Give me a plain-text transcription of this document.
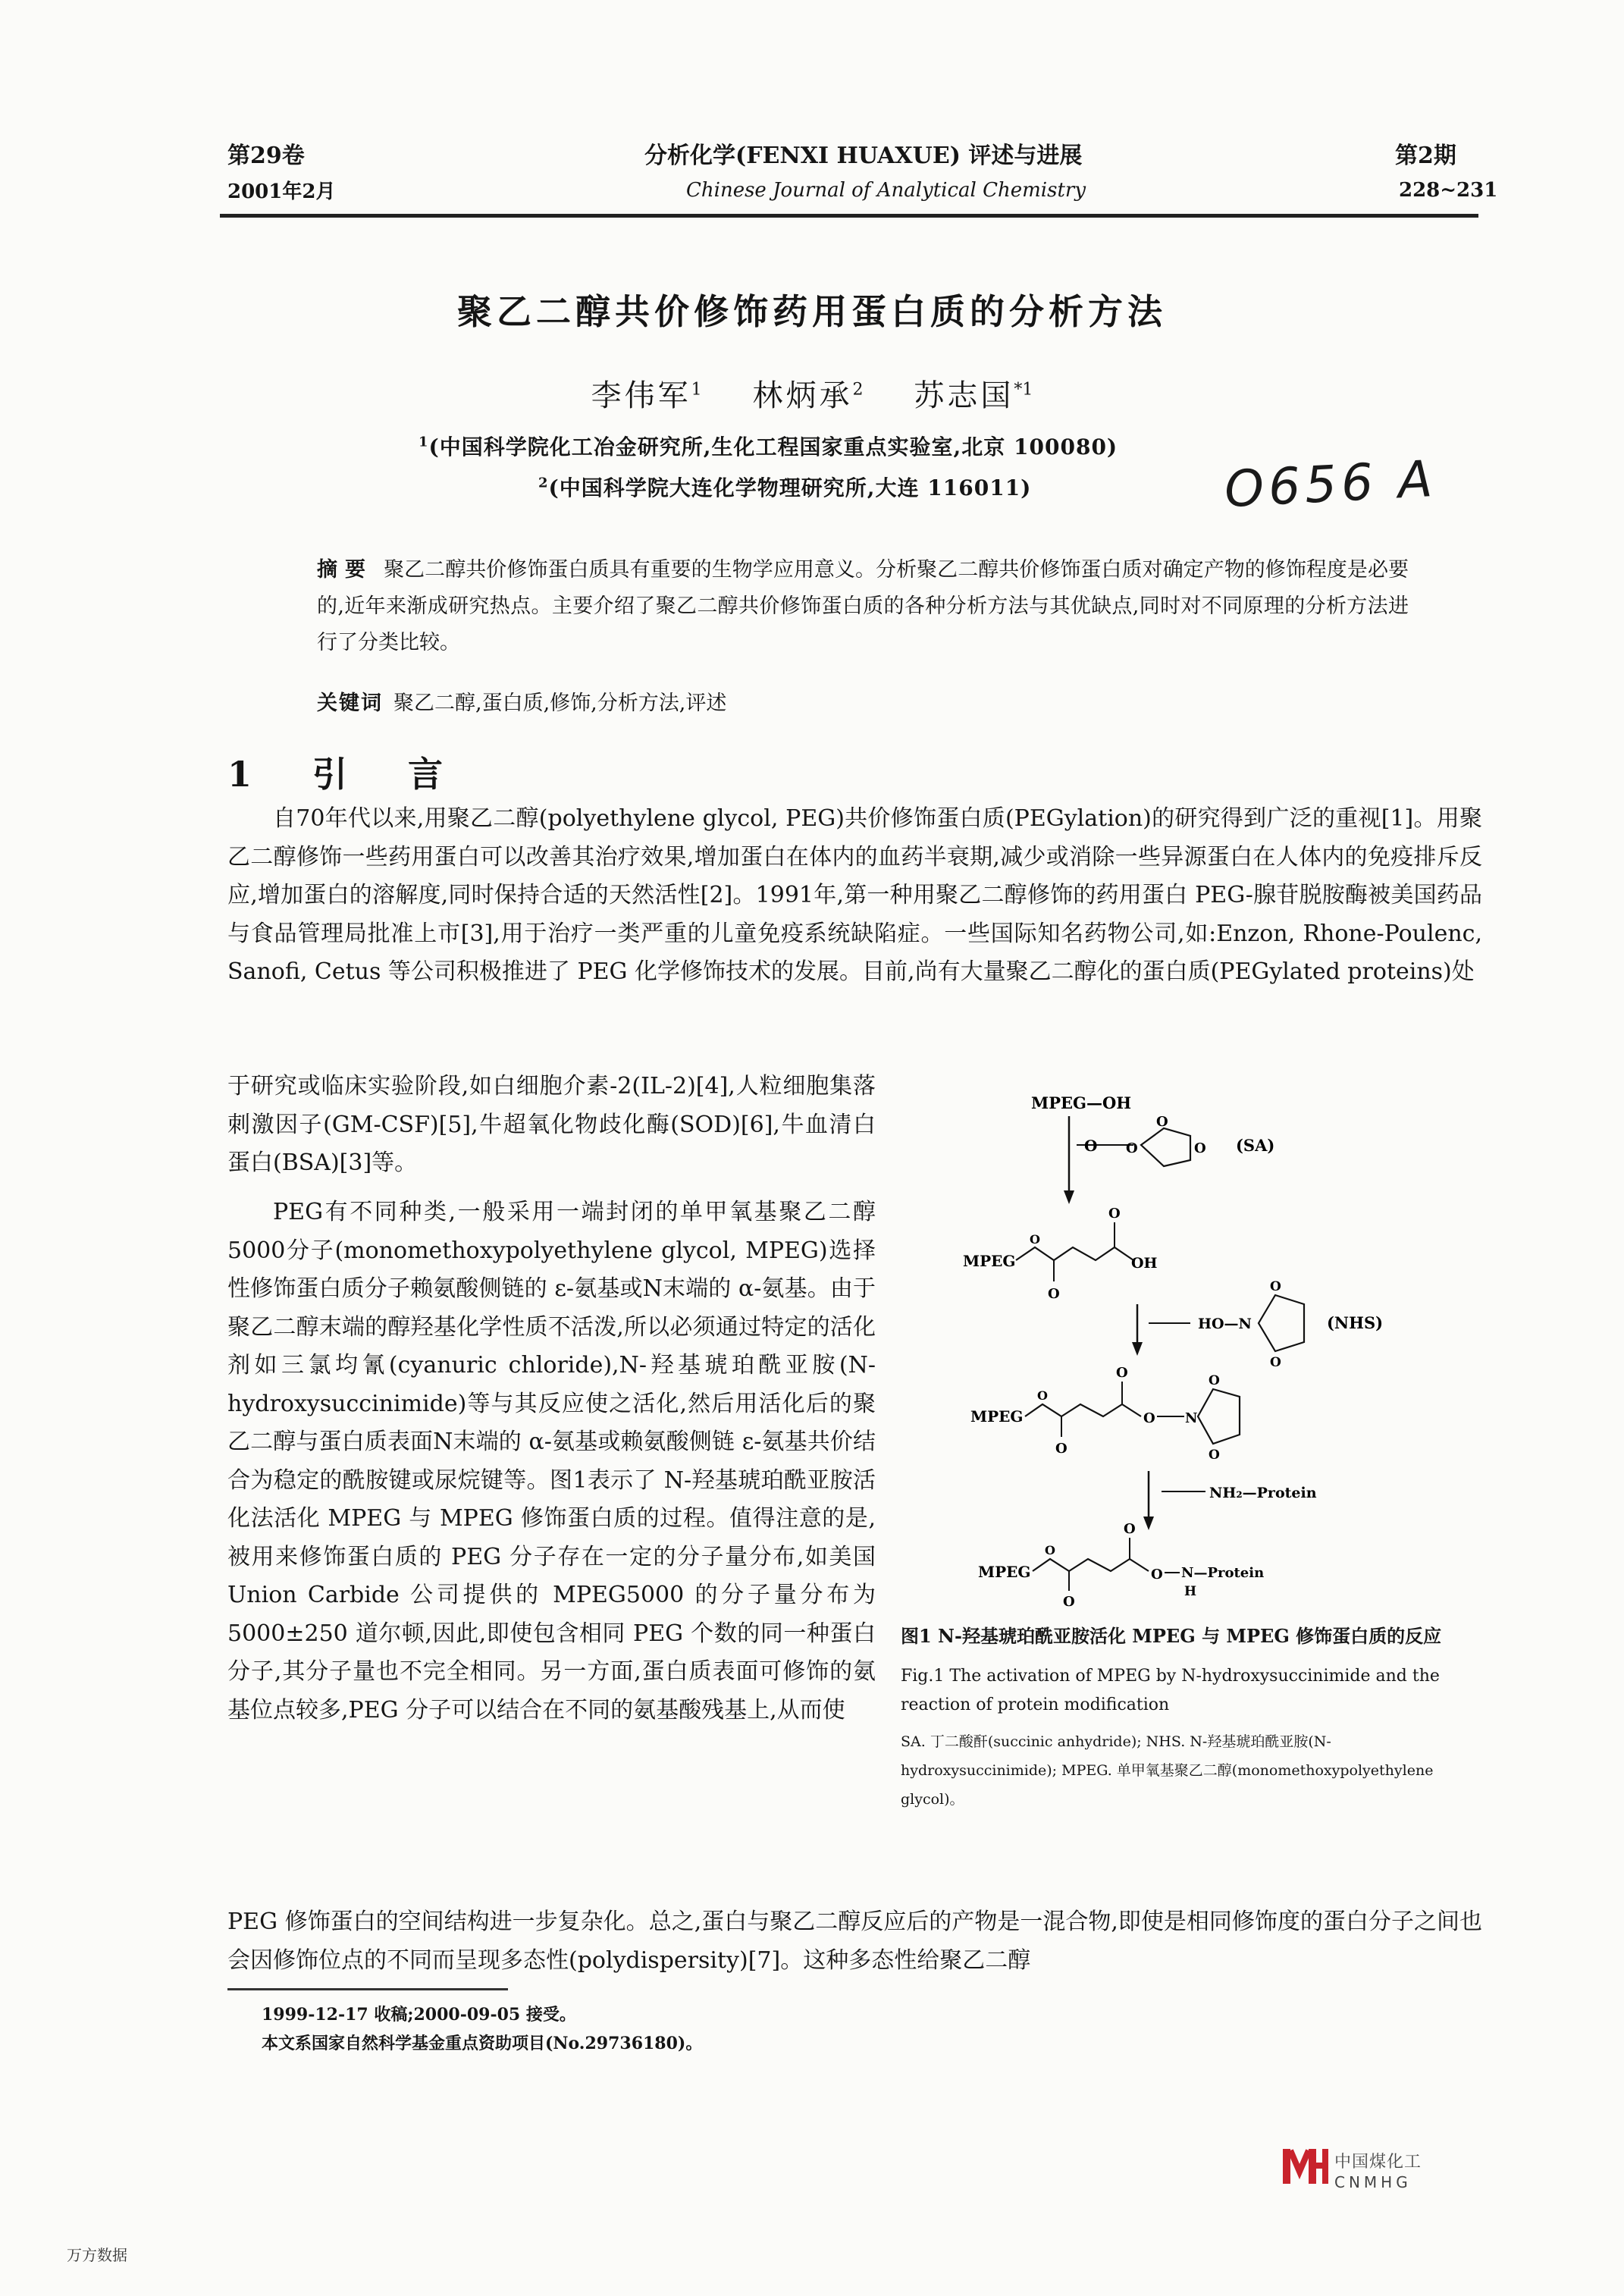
第29卷	分析化学(FENXI HUAXUE) 评述与进展	第2期
2001年2月	Chinese Journal of Analytical Chemistry	228~231
聚乙二醇共价修饰药用蛋白质的分析方法
李伟军$^1$ 林炳承$^2$ 苏志国$^{*1}$
$^1$(中国科学院化工冶金研究所,生化工程国家重点实验室,北京 100080)
$^2$(中国科学院大连化学物理研究所,大连 116011)	O656 A
摘要 聚乙二醇共价修饰蛋白质具有重要的生物学应用意义。分析聚乙二醇共价修饰蛋白质对确定产物的修饰程度是必要的,近年来渐成研究热点。主要介绍了聚乙二醇共价修饰蛋白质的各种分析方法与其优缺点,同时对不同原理的分析方法进行了分类比较。
关键词 聚乙二醇,蛋白质,修饰,分析方法,评述
1 引 言
自70年代以来,用聚乙二醇(polyethylene glycol, PEG)共价修饰蛋白质(PEGylation)的研究得到广泛的重视[1]。用聚乙二醇修饰一些药用蛋白可以改善其治疗效果,增加蛋白在体内的血药半衰期,减少或消除一些异源蛋白在人体内的免疫排斥反应,增加蛋白的溶解度,同时保持合适的天然活性[2]。1991年,第一种用聚乙二醇修饰的药用蛋白 PEG-腺苷脱胺酶被美国药品与食品管理局批准上市[3],用于治疗一类严重的儿童免疫系统缺陷症。一些国际知名药物公司,如:Enzon, Rhone-Poulenc, Sanofi, Cetus 等公司积极推进了 PEG 化学修饰技术的发展。目前,尚有大量聚乙二醇化的蛋白质(PEGylated proteins)处
于研究或临床实验阶段,如白细胞介素-2(IL-2)[4],人粒细胞集落刺激因子(GM-CSF)[5],牛超氧化物歧化酶(SOD)[6],牛血清白蛋白(BSA)[3]等。
PEG有不同种类,一般采用一端封闭的单甲氧基聚乙二醇5000分子(monomethoxypolyethylene glycol, MPEG)选择性修饰蛋白质分子赖氨酸侧链的 ε-氨基或N末端的 α-氨基。由于聚乙二醇末端的醇羟基化学性质不活泼,所以必须通过特定的活化剂如三氯均氰(cyanuric chloride),N-羟基琥珀酰亚胺(N-hydroxysuccinimide)等与其反应使之活化,然后用活化后的聚乙二醇与蛋白质表面N末端的 α-氨基或赖氨酸侧链 ε-氨基共价结合为稳定的酰胺键或尿烷键等。图1表示了 N-羟基琥珀酰亚胺活化法活化 MPEG 与 MPEG 修饰蛋白质的过程。值得注意的是,被用来修饰蛋白质的 PEG 分子存在一定的分子量分布,如美国 Union Carbide 公司提供的 MPEG5000 的分子量分布为 5000±250 道尔顿,因此,即使包含相同 PEG 个数的同一种蛋白分子,其分子量也不完全相同。另一方面,蛋白质表面可修饰的氨基位点较多,PEG 分子可以结合在不同的氨基酸残基上,从而使
PEG 修饰蛋白的空间结构进一步复杂化。总之,蛋白与聚乙二醇反应后的产物是一混合物,即使是相同修饰度的蛋白分子之间也会因修饰位点的不同而呈现多态性(polydispersity)[7]。这种多态性给聚乙二醇
MPEG—OH
O
O
O
O	(SA)
MPEG
O
O
O
OH
HO—N
O
O
(NHS)
MPEG
O
O
O
O N
O
O
NH₂—Protein
MPEG
O
O
O
O N—Protein
H
图1 N-羟基琥珀酰亚胺活化 MPEG 与 MPEG 修饰蛋白质的反应
Fig.1 The activation of MPEG by N-hydroxysuccinimide and the reaction of protein modification
SA. 丁二酸酐(succinic anhydride); NHS. N-羟基琥珀酰亚胺(N-hydroxysuccinimide); MPEG. 单甲氧基聚乙二醇(monomethoxypolyethylene glycol)。
1999-12-17 收稿;2000-09-05 接受。
本文系国家自然科学基金重点资助项目(No.29736180)。
中国煤化工
CNMHG
万方数据
